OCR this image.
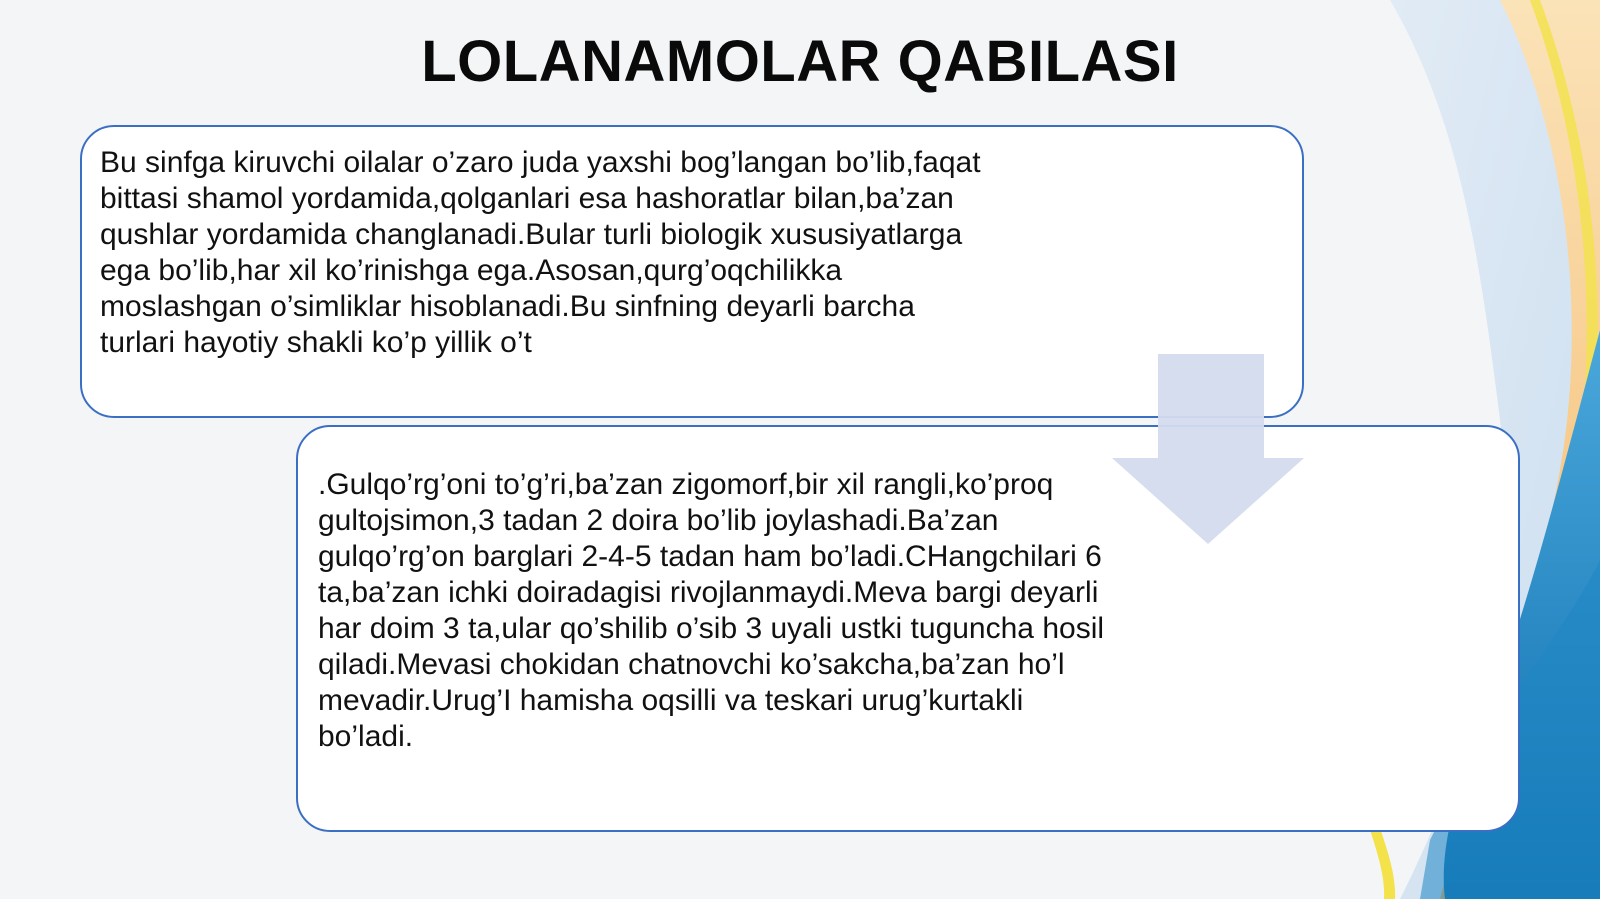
LOLANAMOLAR QABILASI

Bu sinfga kiruvchi oilalar o’zaro juda yaxshi bog’langan bo’lib,faqat bittasi shamol yordamida,qolganlari esa hashoratlar bilan,ba’zan qushlar yordamida changlanadi.Bular turli biologik xususiyatlarga ega bo’lib,har xil ko’rinishga ega.Asosan,qurg’oqchilikka moslashgan o’simliklar hisoblanadi.Bu sinfning deyarli barcha turlari hayotiy shakli ko’p yillik o’t

.Gulqo’rg’oni to’g’ri,ba’zan zigomorf,bir xil rangli,ko’proq gultojsimon,3 tadan 2 doira bo’lib joylashadi.Ba’zan gulqo’rg’on barglari 2-4-5 tadan ham bo’ladi.CHangchilari 6 ta,ba’zan ichki doiradagisi rivojlanmaydi.Meva bargi deyarli har doim 3 ta,ular qo’shilib o’sib 3 uyali ustki tuguncha hosil qiladi.Mevasi chokidan chatnovchi ko’sakcha,ba’zan ho’l mevadir.Urug’I hamisha oqsilli va teskari urug’kurtakli bo’ladi.
